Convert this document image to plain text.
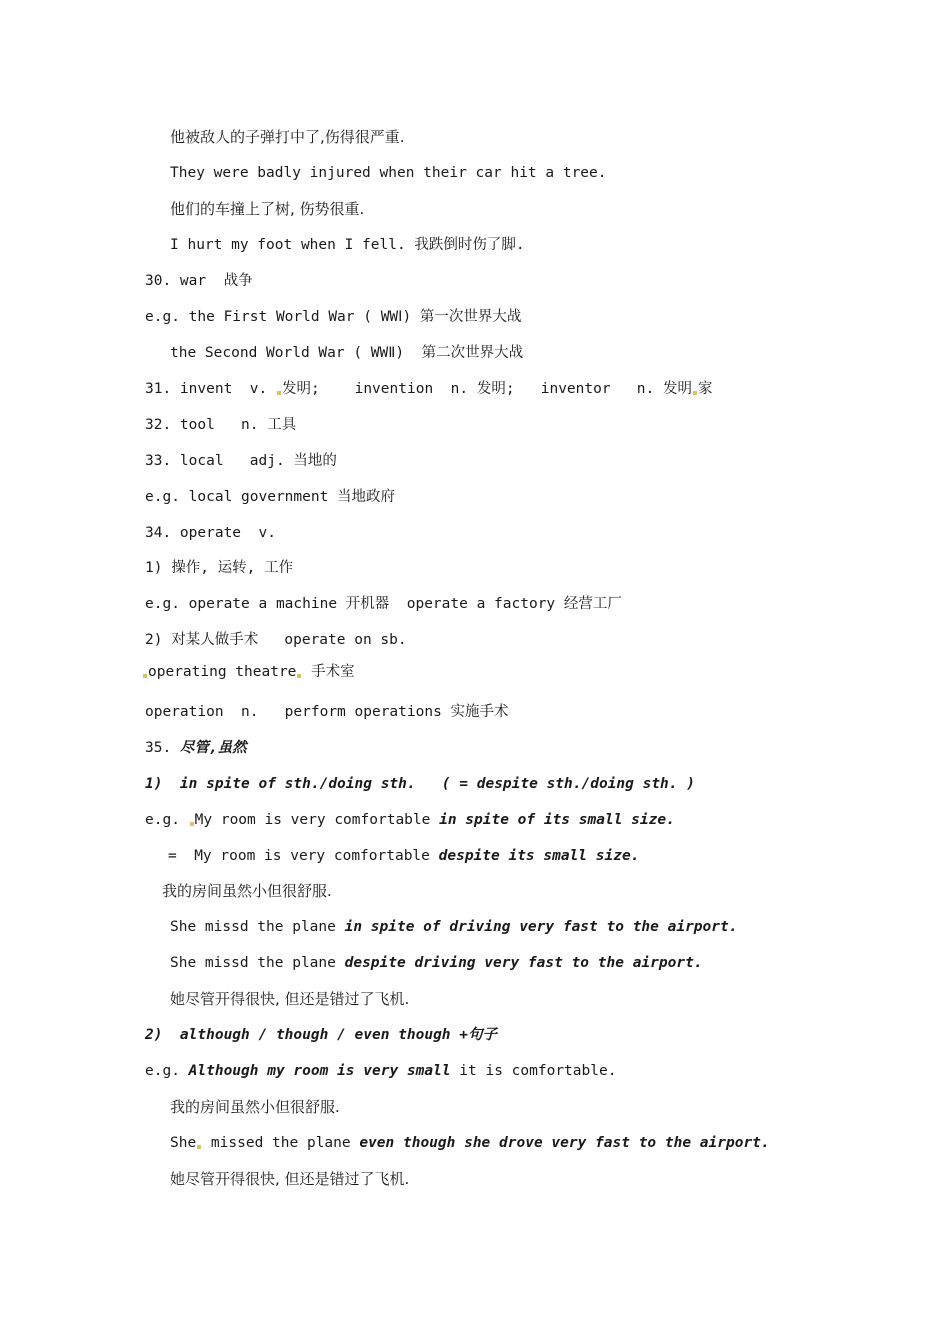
他被敌人的子弹打中了,伤得很严重.
They were badly injured when their car hit a tree.
他们的车撞上了树, 伤势很重.
I hurt my foot when I fell. 我跌倒时伤了脚.
30. war  战争
e.g. the First World War ( WWⅠ) 第一次世界大战
the Second World War ( WWⅡ)  第二次世界大战
31. invent  v. 发明;    invention  n. 发明;   inventor   n. 发明 家
32. tool   n. 工具
33. local   adj. 当地的
e.g. local government 当地政府
34. operate  v.
1) 操作, 运转, 工作
e.g. operate a machine 开机器  operate a factory 经营工厂
2) 对某人做手术   operate on sb.
operating theatre 手术室
operation  n.   perform operations 实施手术
35. 尽管,虽然
1)  in spite of sth./doing sth.   ( = despite sth./doing sth. )
e.g. My room is very comfortable in spite of its small size.
=  My room is very comfortable despite its small size.
我的房间虽然小但很舒服.
She missd the plane in spite of driving very fast to the airport.
She missd the plane despite driving very fast to the airport.
她尽管开得很快, 但还是错过了飞机.
2)  although / though / even though +句子
e.g. Although my room is very small it is comfortable.
我的房间虽然小但很舒服.
She missed the plane even though she drove very fast to the airport.
她尽管开得很快, 但还是错过了飞机.
